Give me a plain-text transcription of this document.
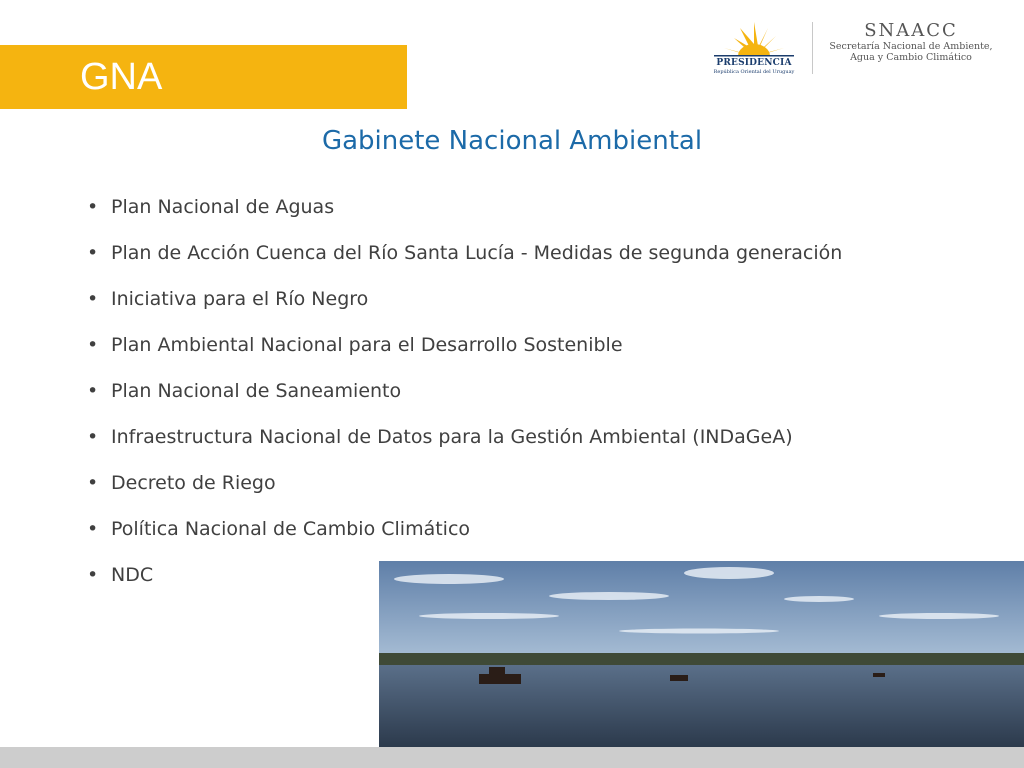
GNA	PRESIDENCIA
República Oriental del Uruguay
SNAACC
Secretaría Nacional de Ambiente,
Agua y Cambio Climático
Gabinete Nacional Ambiental
• Plan Nacional de Aguas
• Plan de Acción Cuenca del Río Santa Lucía - Medidas de segunda generación
• Iniciativa para el Río Negro
• Plan Ambiental Nacional para el Desarrollo Sostenible
• Plan Nacional de Saneamiento
• Infraestructura Nacional de Datos para la Gestión Ambiental (INDaGeA)
• Decreto de Riego
• Política Nacional de Cambio Climático
• NDC
